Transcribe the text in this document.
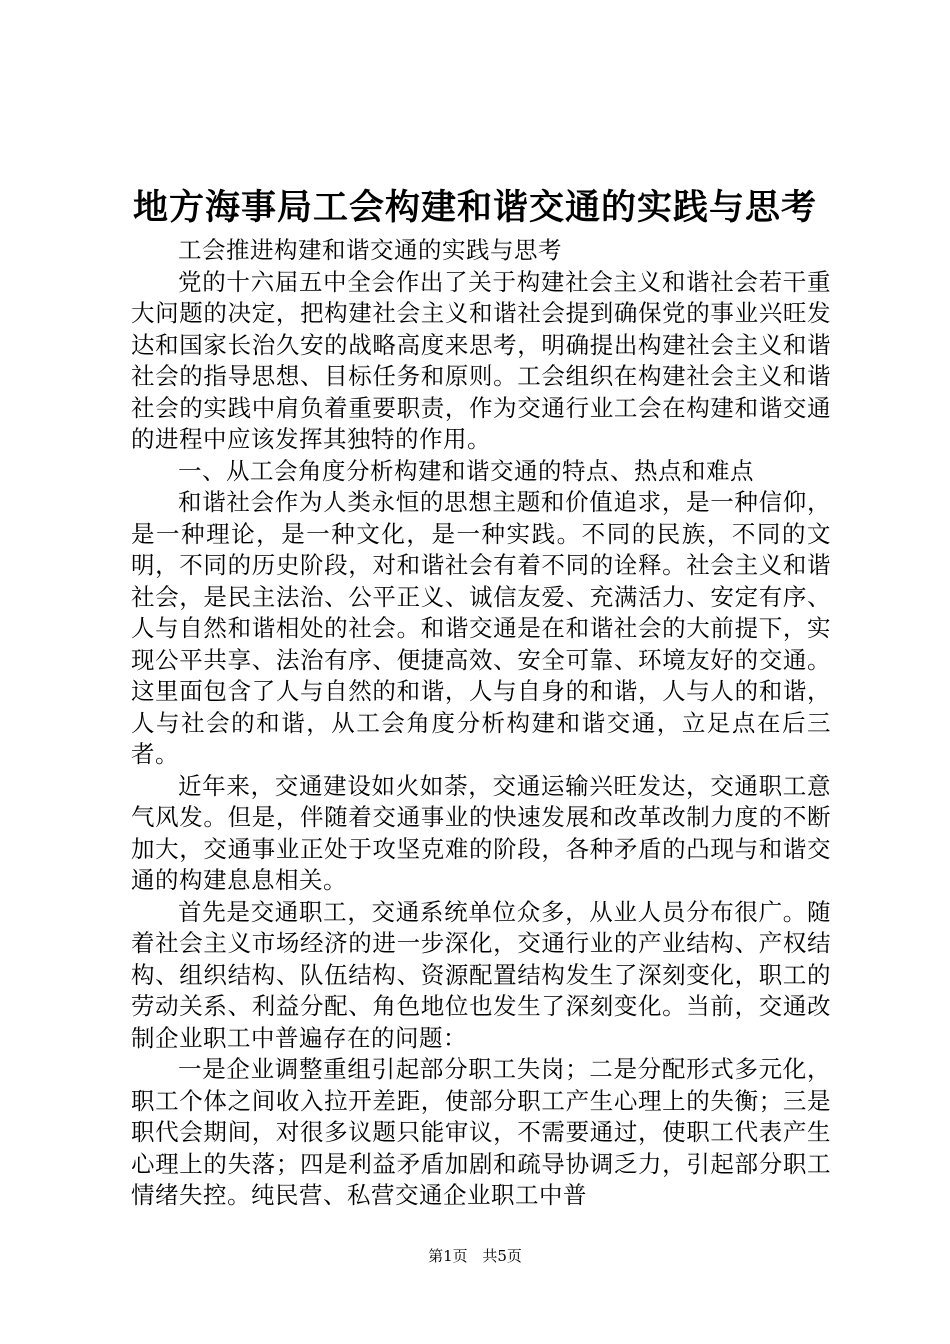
地方海事局工会构建和谐交通的实践与思考

工会推进构建和谐交通的实践与思考

党的十六届五中全会作出了关于构建社会主义和谐社会若干重大问题的决定，把构建社会主义和谐社会提到确保党的事业兴旺发达和国家长治久安的战略高度来思考，明确提出构建社会主义和谐社会的指导思想、目标任务和原则。工会组织在构建社会主义和谐社会的实践中肩负着重要职责，作为交通行业工会在构建和谐交通的进程中应该发挥其独特的作用。

一、从工会角度分析构建和谐交通的特点、热点和难点

和谐社会作为人类永恒的思想主题和价值追求，是一种信仰，是一种理论，是一种文化，是一种实践。不同的民族，不同的文明，不同的历史阶段，对和谐社会有着不同的诠释。社会主义和谐社会，是民主法治、公平正义、诚信友爱、充满活力、安定有序、人与自然和谐相处的社会。和谐交通是在和谐社会的大前提下，实现公平共享、法治有序、便捷高效、安全可靠、环境友好的交通。这里面包含了人与自然的和谐，人与自身的和谐，人与人的和谐，人与社会的和谐，从工会角度分析构建和谐交通，立足点在后三者。

近年来，交通建设如火如荼，交通运输兴旺发达，交通职工意气风发。但是，伴随着交通事业的快速发展和改革改制力度的不断加大，交通事业正处于攻坚克难的阶段，各种矛盾的凸现与和谐交通的构建息息相关。

首先是交通职工，交通系统单位众多，从业人员分布很广。随着社会主义市场经济的进一步深化，交通行业的产业结构、产权结构、组织结构、队伍结构、资源配置结构发生了深刻变化，职工的劳动关系、利益分配、角色地位也发生了深刻变化。当前，交通改制企业职工中普遍存在的问题：

一是企业调整重组引起部分职工失岗；二是分配形式多元化，职工个体之间收入拉开差距，使部分职工产生心理上的失衡；三是职代会期间，对很多议题只能审议，不需要通过，使职工代表产生心理上的失落；四是利益矛盾加剧和疏导协调乏力，引起部分职工情绪失控。纯民营、私营交通企业职工中普

第1页 共5页
